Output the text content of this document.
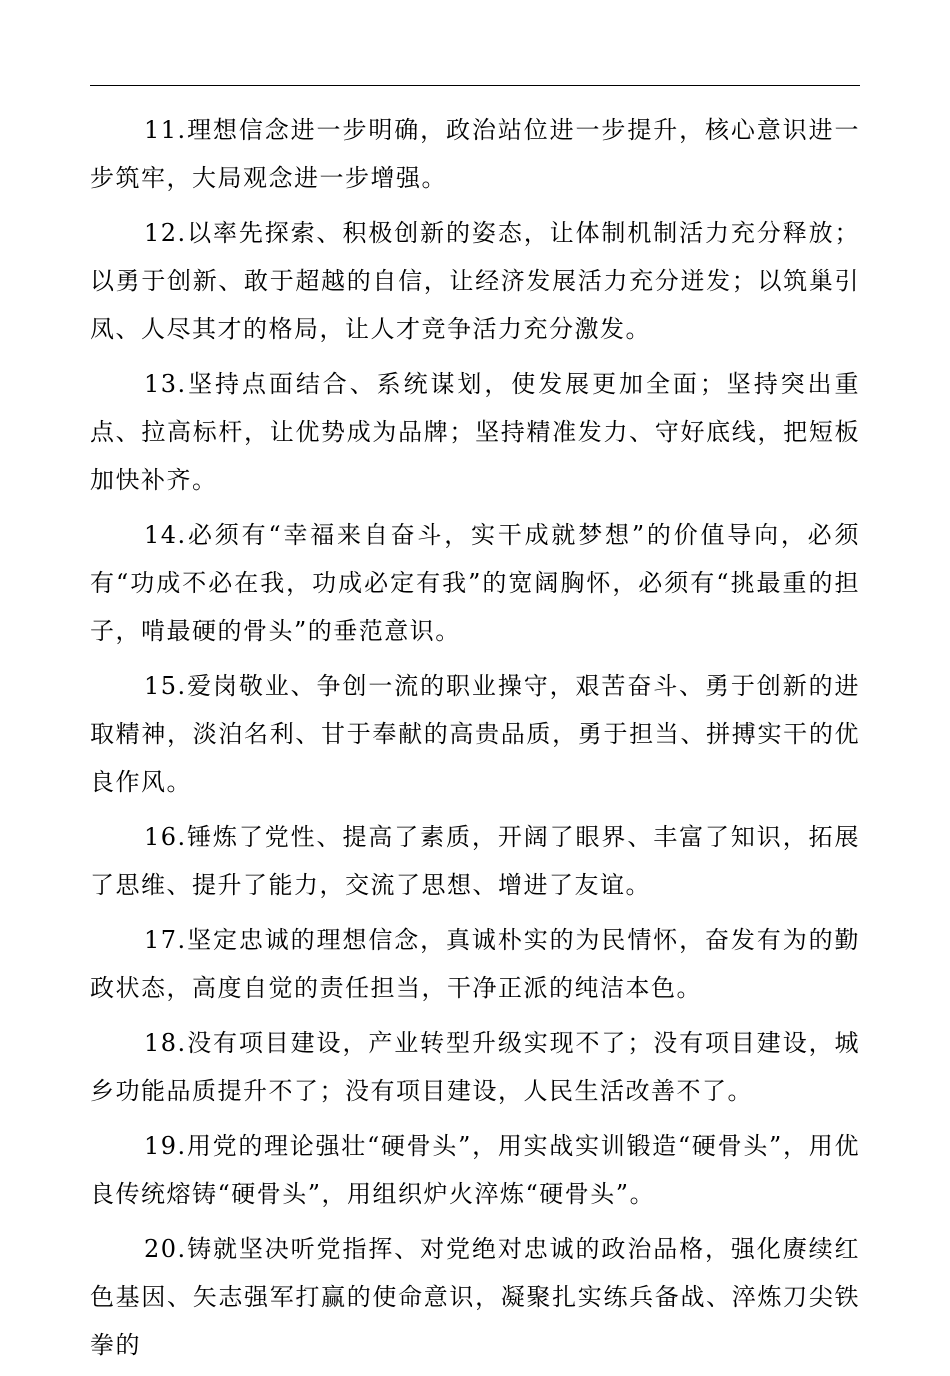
11.理想信念进一步明确，政治站位进一步提升，核心意识进一步筑牢，大局观念进一步增强。

12.以率先探索、积极创新的姿态，让体制机制活力充分释放；以勇于创新、敢于超越的自信，让经济发展活力充分迸发；以筑巢引凤、人尽其才的格局，让人才竞争活力充分激发。

13.坚持点面结合、系统谋划，使发展更加全面；坚持突出重点、拉高标杆，让优势成为品牌；坚持精准发力、守好底线，把短板加快补齐。

14.必须有“幸福来自奋斗，实干成就梦想”的价值导向，必须有“功成不必在我，功成必定有我”的宽阔胸怀，必须有“挑最重的担子，啃最硬的骨头”的垂范意识。

15.爱岗敬业、争创一流的职业操守，艰苦奋斗、勇于创新的进取精神，淡泊名利、甘于奉献的高贵品质，勇于担当、拼搏实干的优良作风。

16.锤炼了党性、提高了素质，开阔了眼界、丰富了知识，拓展了思维、提升了能力，交流了思想、增进了友谊。

17.坚定忠诚的理想信念，真诚朴实的为民情怀，奋发有为的勤政状态，高度自觉的责任担当，干净正派的纯洁本色。

18.没有项目建设，产业转型升级实现不了；没有项目建设，城乡功能品质提升不了；没有项目建设，人民生活改善不了。

19.用党的理论强壮“硬骨头”，用实战实训锻造“硬骨头”，用优良传统熔铸“硬骨头”，用组织炉火淬炼“硬骨头”。

20.铸就坚决听党指挥、对党绝对忠诚的政治品格，强化赓续红色基因、矢志强军打赢的使命意识，凝聚扎实练兵备战、淬炼刀尖铁拳的
